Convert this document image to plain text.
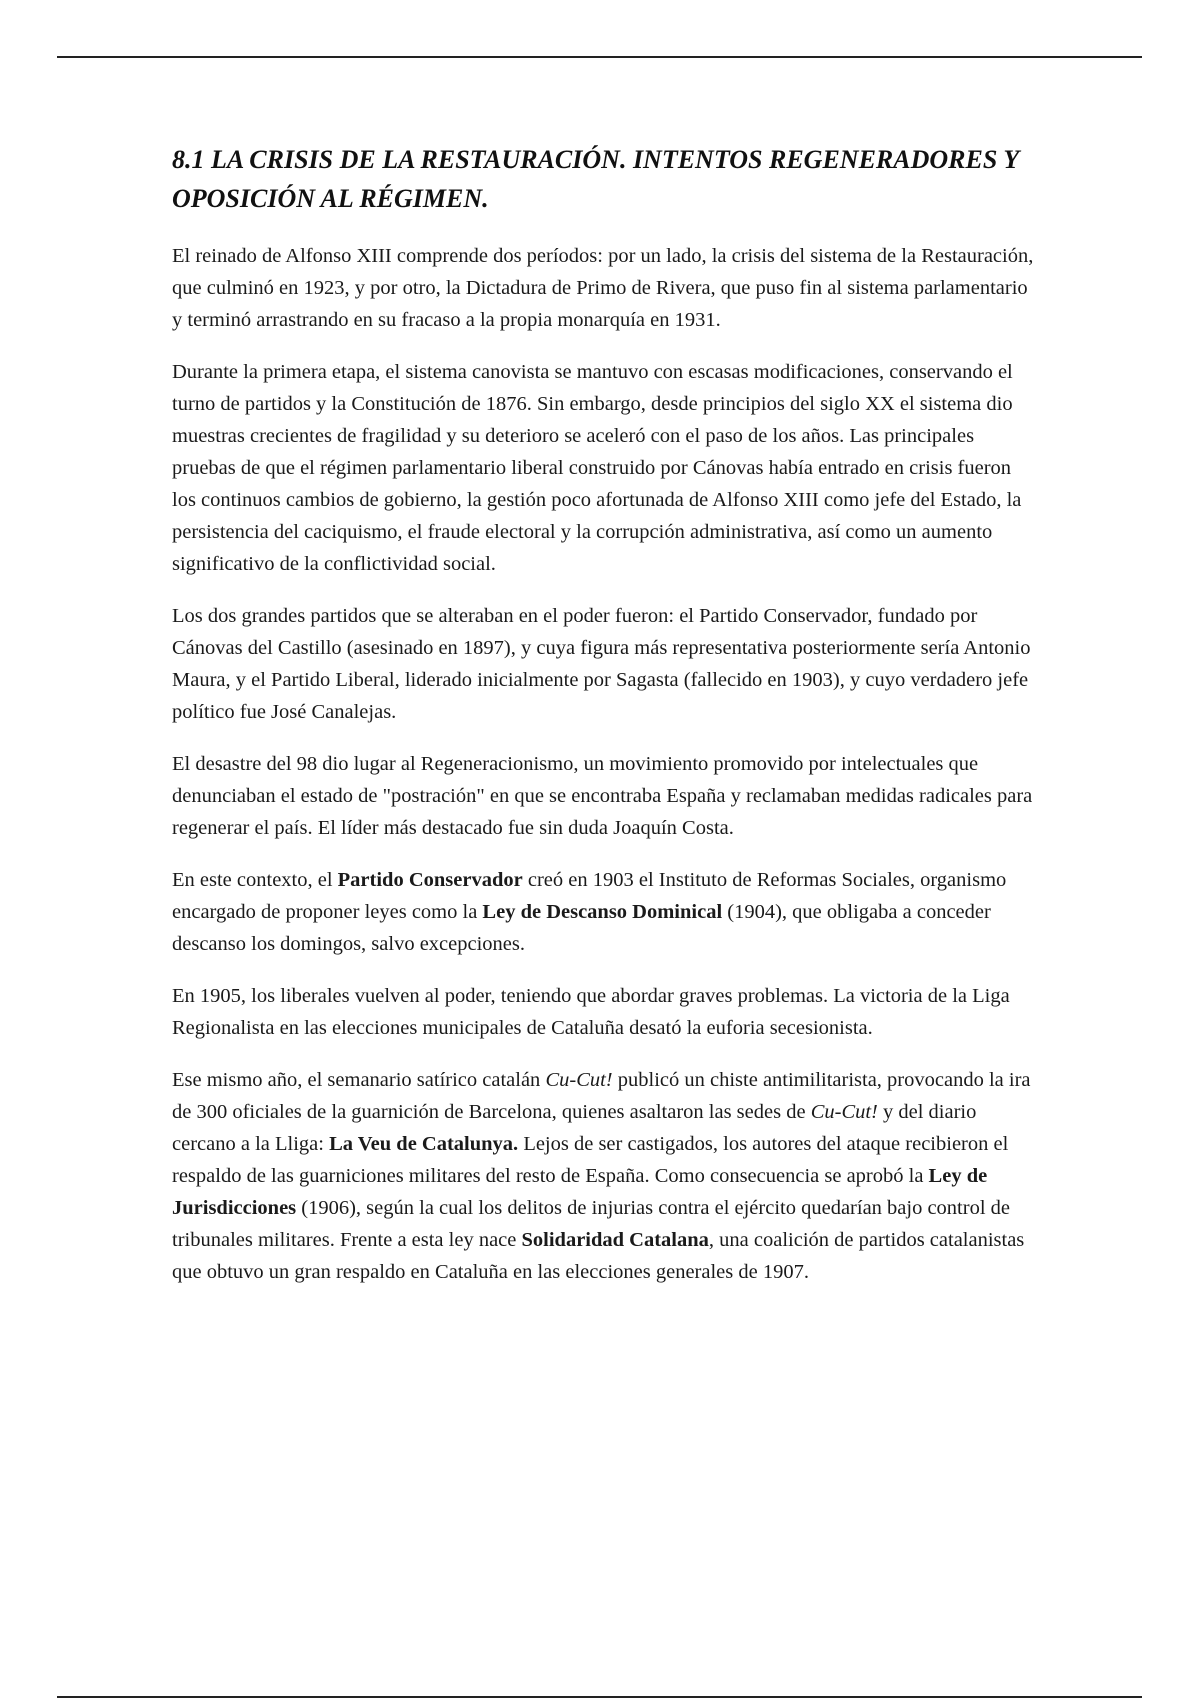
8.1 LA CRISIS DE LA RESTAURACIÓN. INTENTOS REGENERADORES Y OPOSICIÓN AL RÉGIMEN.

El reinado de Alfonso XIII comprende dos períodos: por un lado, la crisis del sistema de la Restauración, que culminó en 1923, y por otro, la Dictadura de Primo de Rivera, que puso fin al sistema parlamentario y terminó arrastrando en su fracaso a la propia monarquía en 1931.

Durante la primera etapa, el sistema canovista se mantuvo con escasas modificaciones, conservando el turno de partidos y la Constitución de 1876. Sin embargo, desde principios del siglo XX el sistema dio muestras crecientes de fragilidad y su deterioro se aceleró con el paso de los años. Las principales pruebas de que el régimen parlamentario liberal construido por Cánovas había entrado en crisis fueron los continuos cambios de gobierno, la gestión poco afortunada de Alfonso XIII como jefe del Estado, la persistencia del caciquismo, el fraude electoral y la corrupción administrativa, así como un aumento significativo de la conflictividad social.

Los dos grandes partidos que se alteraban en el poder fueron: el Partido Conservador, fundado por Cánovas del Castillo (asesinado en 1897), y cuya figura más representativa posteriormente sería Antonio Maura, y el Partido Liberal, liderado inicialmente por Sagasta (fallecido en 1903), y cuyo verdadero jefe político fue José Canalejas.

El desastre del 98 dio lugar al Regeneracionismo, un movimiento promovido por intelectuales que denunciaban el estado de "postración" en que se encontraba España y reclamaban medidas radicales para regenerar el país. El líder más destacado fue sin duda Joaquín Costa.

En este contexto, el Partido Conservador creó en 1903 el Instituto de Reformas Sociales, organismo encargado de proponer leyes como la Ley de Descanso Dominical (1904), que obligaba a conceder descanso los domingos, salvo excepciones.

En 1905, los liberales vuelven al poder, teniendo que abordar graves problemas. La victoria de la Liga Regionalista en las elecciones municipales de Cataluña desató la euforia secesionista.

Ese mismo año, el semanario satírico catalán Cu-Cut! publicó un chiste antimilitarista, provocando la ira de 300 oficiales de la guarnición de Barcelona, quienes asaltaron las sedes de Cu-Cut! y del diario cercano a la Lliga: La Veu de Catalunya. Lejos de ser castigados, los autores del ataque recibieron el respaldo de las guarniciones militares del resto de España. Como consecuencia se aprobó la Ley de Jurisdicciones (1906), según la cual los delitos de injurias contra el ejército quedarían bajo control de tribunales militares. Frente a esta ley nace Solidaridad Catalana, una coalición de partidos catalanistas que obtuvo un gran respaldo en Cataluña en las elecciones generales de 1907.
